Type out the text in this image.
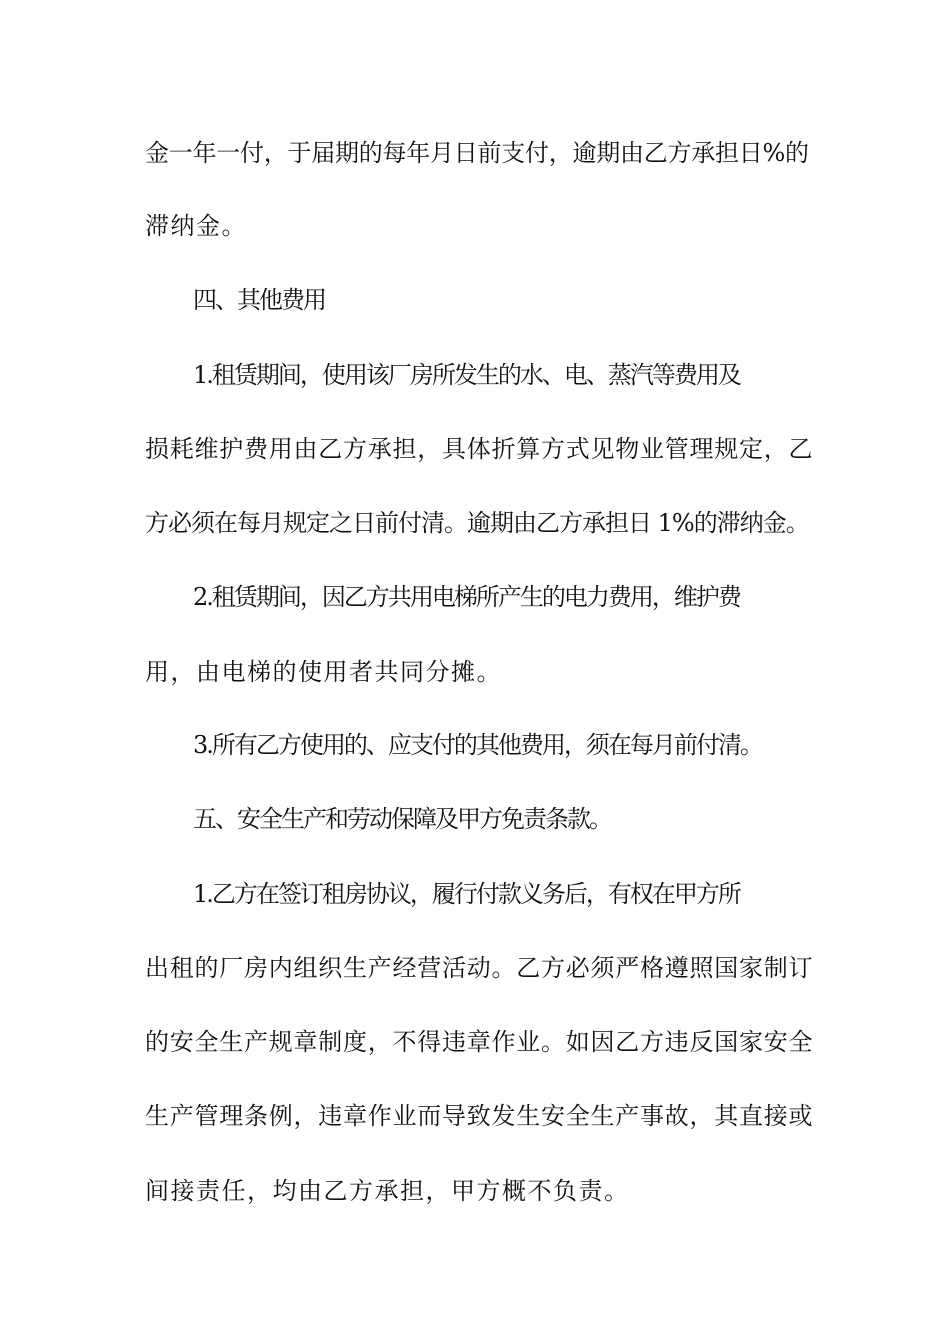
金一年一付，于届期的每年月日前支付，逾期由乙方承担日%的
滞纳金。
四、其他费用
1.租赁期间，使用该厂房所发生的水、电、蒸汽等费用及
损耗维护费用由乙方承担，具体折算方式见物业管理规定，乙
方必须在每月规定之日前付清。逾期由乙方承担日 1%的滞纳金。
2.租赁期间，因乙方共用电梯所产生的电力费用，维护费
用，由电梯的使用者共同分摊。
3.所有乙方使用的、应支付的其他费用，须在每月前付清。
五、安全生产和劳动保障及甲方免责条款。
1.乙方在签订租房协议，履行付款义务后，有权在甲方所
出租的厂房内组织生产经营活动。乙方必须严格遵照国家制订
的安全生产规章制度，不得违章作业。如因乙方违反国家安全
生产管理条例，违章作业而导致发生安全生产事故，其直接或
间接责任，均由乙方承担，甲方概不负责。
